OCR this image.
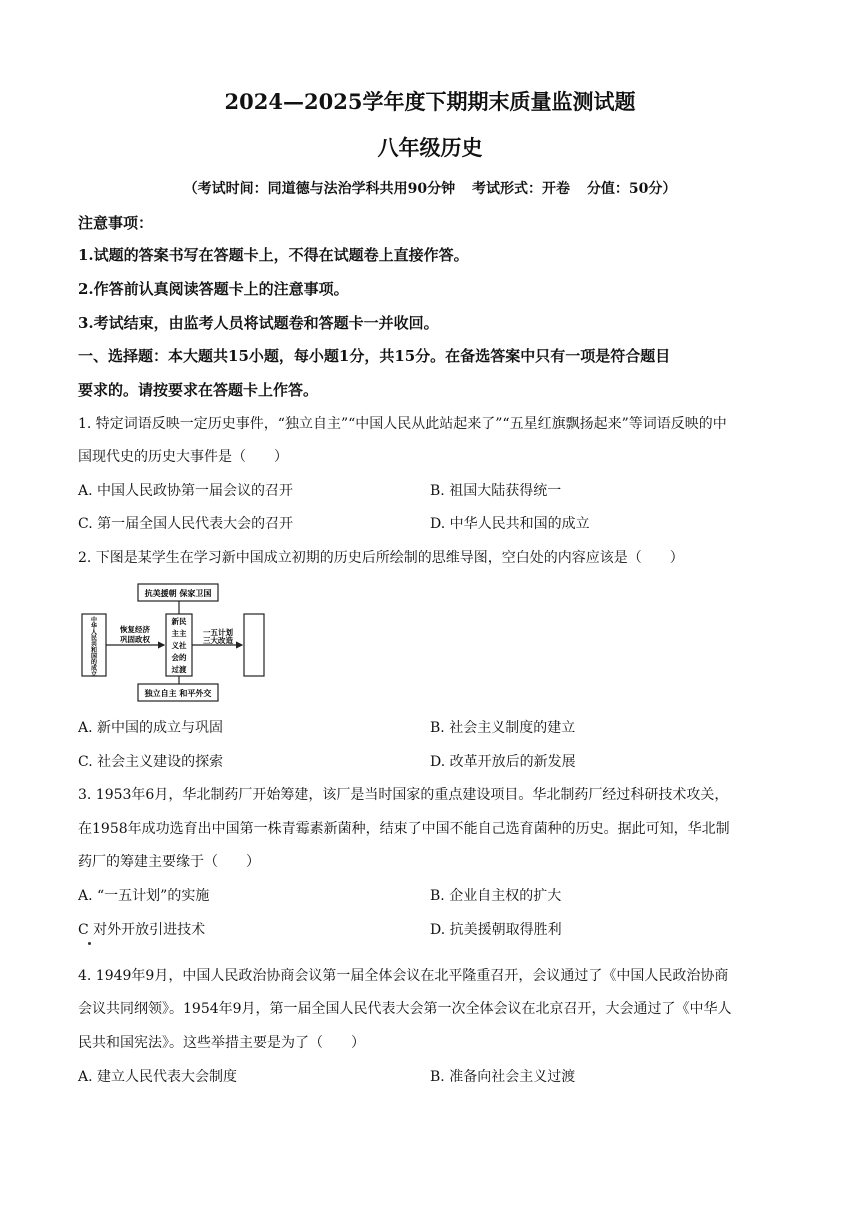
2024—2025学年度下期期末质量监测试题
八年级历史
（考试时间：同道德与法治学科共用90分钟 考试形式：开卷 分值：50分）
注意事项：
1.试题的答案书写在答题卡上，不得在试题卷上直接作答。
2.作答前认真阅读答题卡上的注意事项。
3.考试结束，由监考人员将试题卷和答题卡一并收回。
一、选择题：本大题共15小题，每小题1分，共15分。在备选答案中只有一项是符合题目
要求的。请按要求在答题卡上作答。
1. 特定词语反映一定历史事件，“独立自主”“中国人民从此站起来了”“五星红旗飘扬起来”等词语反映的中
国现代史的历史大事件是（　　）
A. 中国人民政协第一届会议的召开	B. 祖国大陆获得统一
C. 第一届全国人民代表大会的召开	D. 中华人民共和国的成立
2. 下图是某学生在学习新中国成立初期的历史后所绘制的思维导图，空白处的内容应该是（　　）
抗美援朝 保家卫国
独立自主 和平外交
中
华
人
民
共
和
国
的
成
立
恢复经济
巩固政权
新民
主主
义社
会的
过渡
一五计划
三大改造
A. 新中国的成立与巩固	B. 社会主义制度的建立
C. 社会主义建设的探索	D. 改革开放后的新发展
3. 1953年6月，华北制药厂开始筹建，该厂是当时国家的重点建设项目。华北制药厂经过科研技术攻关，
在1958年成功选育出中国第一株青霉素新菌种，结束了中国不能自己选育菌种的历史。据此可知，华北制
药厂的筹建主要缘于（　　）
A. “一五计划”的实施	B. 企业自主权的扩大
C 对外开放引进技术	D. 抗美援朝取得胜利
4. 1949年9月，中国人民政治协商会议第一届全体会议在北平隆重召开，会议通过了《中国人民政治协商
会议共同纲领》。1954年9月，第一届全国人民代表大会第一次全体会议在北京召开，大会通过了《中华人
民共和国宪法》。这些举措主要是为了（　　）
A. 建立人民代表大会制度	B. 准备向社会主义过渡
